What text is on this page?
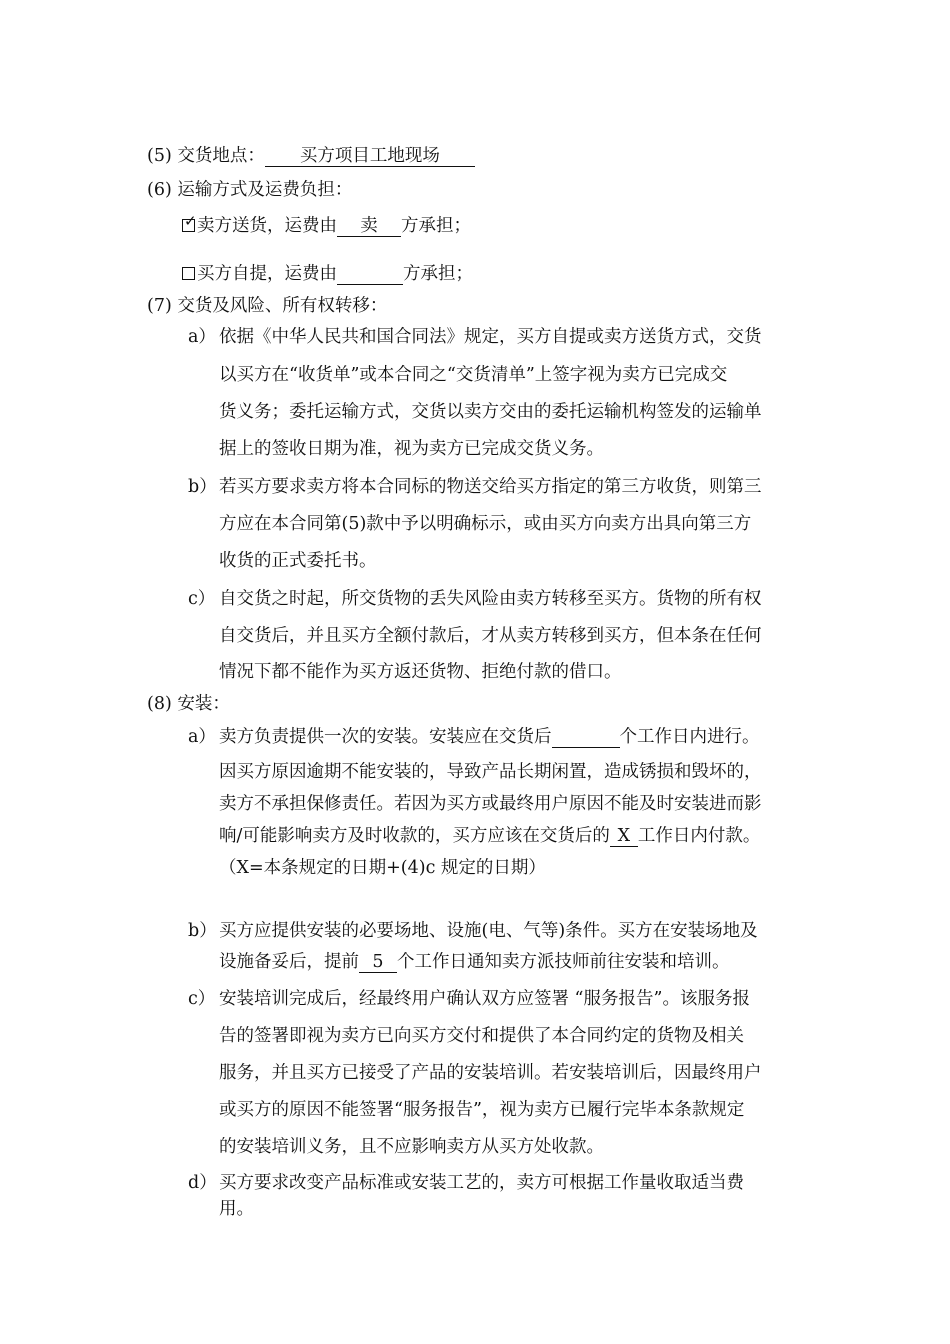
(5) 交货地点： 买方项目工地现场
(6) 运输方式及运费负担：
✓ 卖方送货，运费由 卖 方承担；
买方自提，运费由	方承担；
(7) 交货及风险、所有权转移：
a） 依据《中华人民共和国合同法》规定，买方自提或卖方送货方式，交货
以买方在“收货单”或本合同之“交货清单”上签字视为卖方已完成交
货义务；委托运输方式，交货以卖方交由的委托运输机构签发的运输单
据上的签收日期为准，视为卖方已完成交货义务。
b） 若买方要求卖方将本合同标的物送交给买方指定的第三方收货，则第三
方应在本合同第(5)款中予以明确标示，或由买方向卖方出具向第三方
收货的正式委托书。
c） 自交货之时起，所交货物的丢失风险由卖方转移至买方。货物的所有权
自交货后，并且买方全额付款后，才从卖方转移到买方，但本条在任何
情况下都不能作为买方返还货物、拒绝付款的借口。
(8) 安装：
a） 卖方负责提供一次的安装。安装应在交货后	个工作日内进行。
因买方原因逾期不能安装的，导致产品长期闲置，造成锈损和毁坏的，
卖方不承担保修责任。若因为买方或最终用户原因不能及时安装进而影
响/可能影响卖方及时收款的，买方应该在交货后的 X 工作日内付款。
（X=本条规定的日期+(4)c 规定的日期）
b） 买方应提供安装的必要场地、设施(电、气等)条件。买方在安装场地及
设施备妥后，提前 5 个工作日通知卖方派技师前往安装和培训。
c） 安装培训完成后，经最终用户确认双方应签署 “服务报告”。该服务报
告的签署即视为卖方已向买方交付和提供了本合同约定的货物及相关
服务，并且买方已接受了产品的安装培训。若安装培训后，因最终用户
或买方的原因不能签署“服务报告”，视为卖方已履行完毕本条款规定
的安装培训义务，且不应影响卖方从买方处收款。
d） 买方要求改变产品标准或安装工艺的，卖方可根据工作量收取适当费
用。
